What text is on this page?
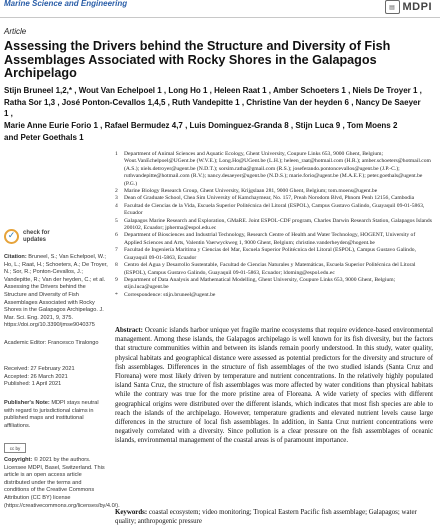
Marine Science and Engineering	▤ MDPI
Article
Assessing the Drivers behind the Structure and Diversity of Fish Assemblages Associated with Rocky Shores in the Galapagos Archipelago
Stijn Bruneel 1,2,* , Wout Van Echelpoel 1 , Long Ho 1 , Heleen Raat 1 , Amber Schoeters 1 , Niels De Troyer 1 ,
Ratha Sor 1,3 , José Ponton-Cevallos 1,4,5 , Ruth Vandepitte 1 , Christine Van der heyden 6 , Nancy De Saeyer 1 ,
Marie Anne Eurie Forio 1 , Rafael Bermudez 4,7 , Luis Dominguez-Granda 8 , Stijn Luca 9 , Tom Moens 2
and Peter Goethals 1
1	Department of Animal Sciences and Aquatic Ecology, Ghent University, Coupure Links 653, 9000 Ghent, Belgium; Wout.VanEchelpoel@UGent.be (W.V.E.); Long.Ho@UGent.be (L.H.); heleen_raat@hotmail.com (H.R.); amber.schoeters@hotmail.com (A.S.); niels.detroyer@ugent.be (N.D.T.); sorsim.ratha@gmail.com (R.S.); joseferando.pontoncevallos@ugent.be (J.P.-C.); ruthvandepitte@hotmail.com (R.V.); nancy.desaeyer@ugent.be (N.D.S.); marie.forio@ugent.be (M.A.E.F.); peter.goethals@ugent.be (P.G.)
2	Marine Biology Research Group, Ghent University, Krijgslaan 281, 9000 Ghent, Belgium; tom.moens@ugent.be
3	Dean of Graduate School, Chea Sim University of Kamchaymear, No. 157, Preah Norodom Blvd, Phnom Penh 12156, Cambodia
4	Facultad de Ciencias de la Vida, Escuela Superior Politécnica del Litoral (ESPOL), Campus Gustavo Galindo, Guayaquil 09-01-5863, Ecuador
5	Galapagos Marine Research and Exploration, GMaRE. Joint ESPOL-CDF program, Charles Darwin Research Station, Galapagos Islands 200102, Ecuador; jpherma@espol.edu.ec
6	Department of Biosciences and Industrial Technology, Research Centre of Health and Water Technology, HOGENT, University of Applied Sciences and Arts, Valentin Vaerwyckweg 1, 9000 Ghent, Belgium; christine.vanderheyden@hogent.be
7	Facultad de Ingeniería Marítima y Ciencias del Mar, Escuela Superior Politécnica del Litoral (ESPOL), Campus Gustavo Galindo, Guayaquil 09-01-5863, Ecuador
8	Centro del Agua y Desarrollo Sustentable, Facultad de Ciencias Naturales y Matemáticas, Escuela Superior Politécnica del Litoral (ESPOL), Campus Gustavo Galindo, Guayaquil 09-01-5863, Ecuador; ldoming@espol.edu.ec
9	Department of Data Analysis and Mathematical Modelling, Ghent University, Coupure Links 653, 9000 Ghent, Belgium; stijn.luca@ugent.be
*	Correspondence: stijn.bruneel@ugent.be
✓ check for
updates
Citation: Bruneel, S.; Van Echelpoel, W.; Ho, L.; Raat, H.; Schoeters, A.; De Troyer, N.; Sor, R.; Ponton-Cevallos, J.; Vandepitte, R.; Van der heyden, C.; et al. Assessing the Drivers behind the Structure and Diversity of Fish Assemblages Associated with Rocky Shores in the Galapagos Archipelago. J. Mar. Sci. Eng. 2021, 9, 375. https://doi.org/10.3390/jmse9040375
Academic Editor: Francesco Tiralongo
Received: 27 February 2021
Accepted: 26 March 2021
Published: 1 April 2021
Publisher's Note: MDPI stays neutral with regard to jurisdictional claims in published maps and institutional affiliations.
cc by
Copyright: © 2021 by the authors. Licensee MDPI, Basel, Switzerland. This article is an open access article distributed under the terms and conditions of the Creative Commons Attribution (CC BY) license (https://creativecommons.org/licenses/by/4.0/).
Abstract: Oceanic islands harbor unique yet fragile marine ecosystems that require evidence-based environmental management. Among these islands, the Galapagos archipelago is well known for its fish diversity, but the factors that structure communities within and between its islands remain poorly understood. In this study, water quality, physical habitats and geographical distance were assessed as potential predictors for the diversity and structure of fish assemblages. Differences in the structure of fish assemblages of the two studied islands (Santa Cruz and Floreana) were most likely driven by temperature and nutrient concentrations. In the relatively highly populated island Santa Cruz, the structure of fish assemblages was more affected by water conditions than physical habitats while the contrary was true for the more pristine area of Floreana. A wide variety of species with different geographical origins were distributed over the different islands, which indicates that most fish species are able to reach the islands of the archipelago. However, temperature gradients and elevated nutrient levels cause large differences in the structure of local fish assemblages. In addition, in Santa Cruz nutrient concentrations were negatively correlated with a diversity. Since pollution is a clear pressure on the fish assemblages of oceanic islands, environmental management of the coastal areas is of paramount importance.
Keywords: coastal ecosystem; video monitoring; Tropical Eastern Pacific fish assemblage; Galapagos; water quality; anthropogenic pressure
